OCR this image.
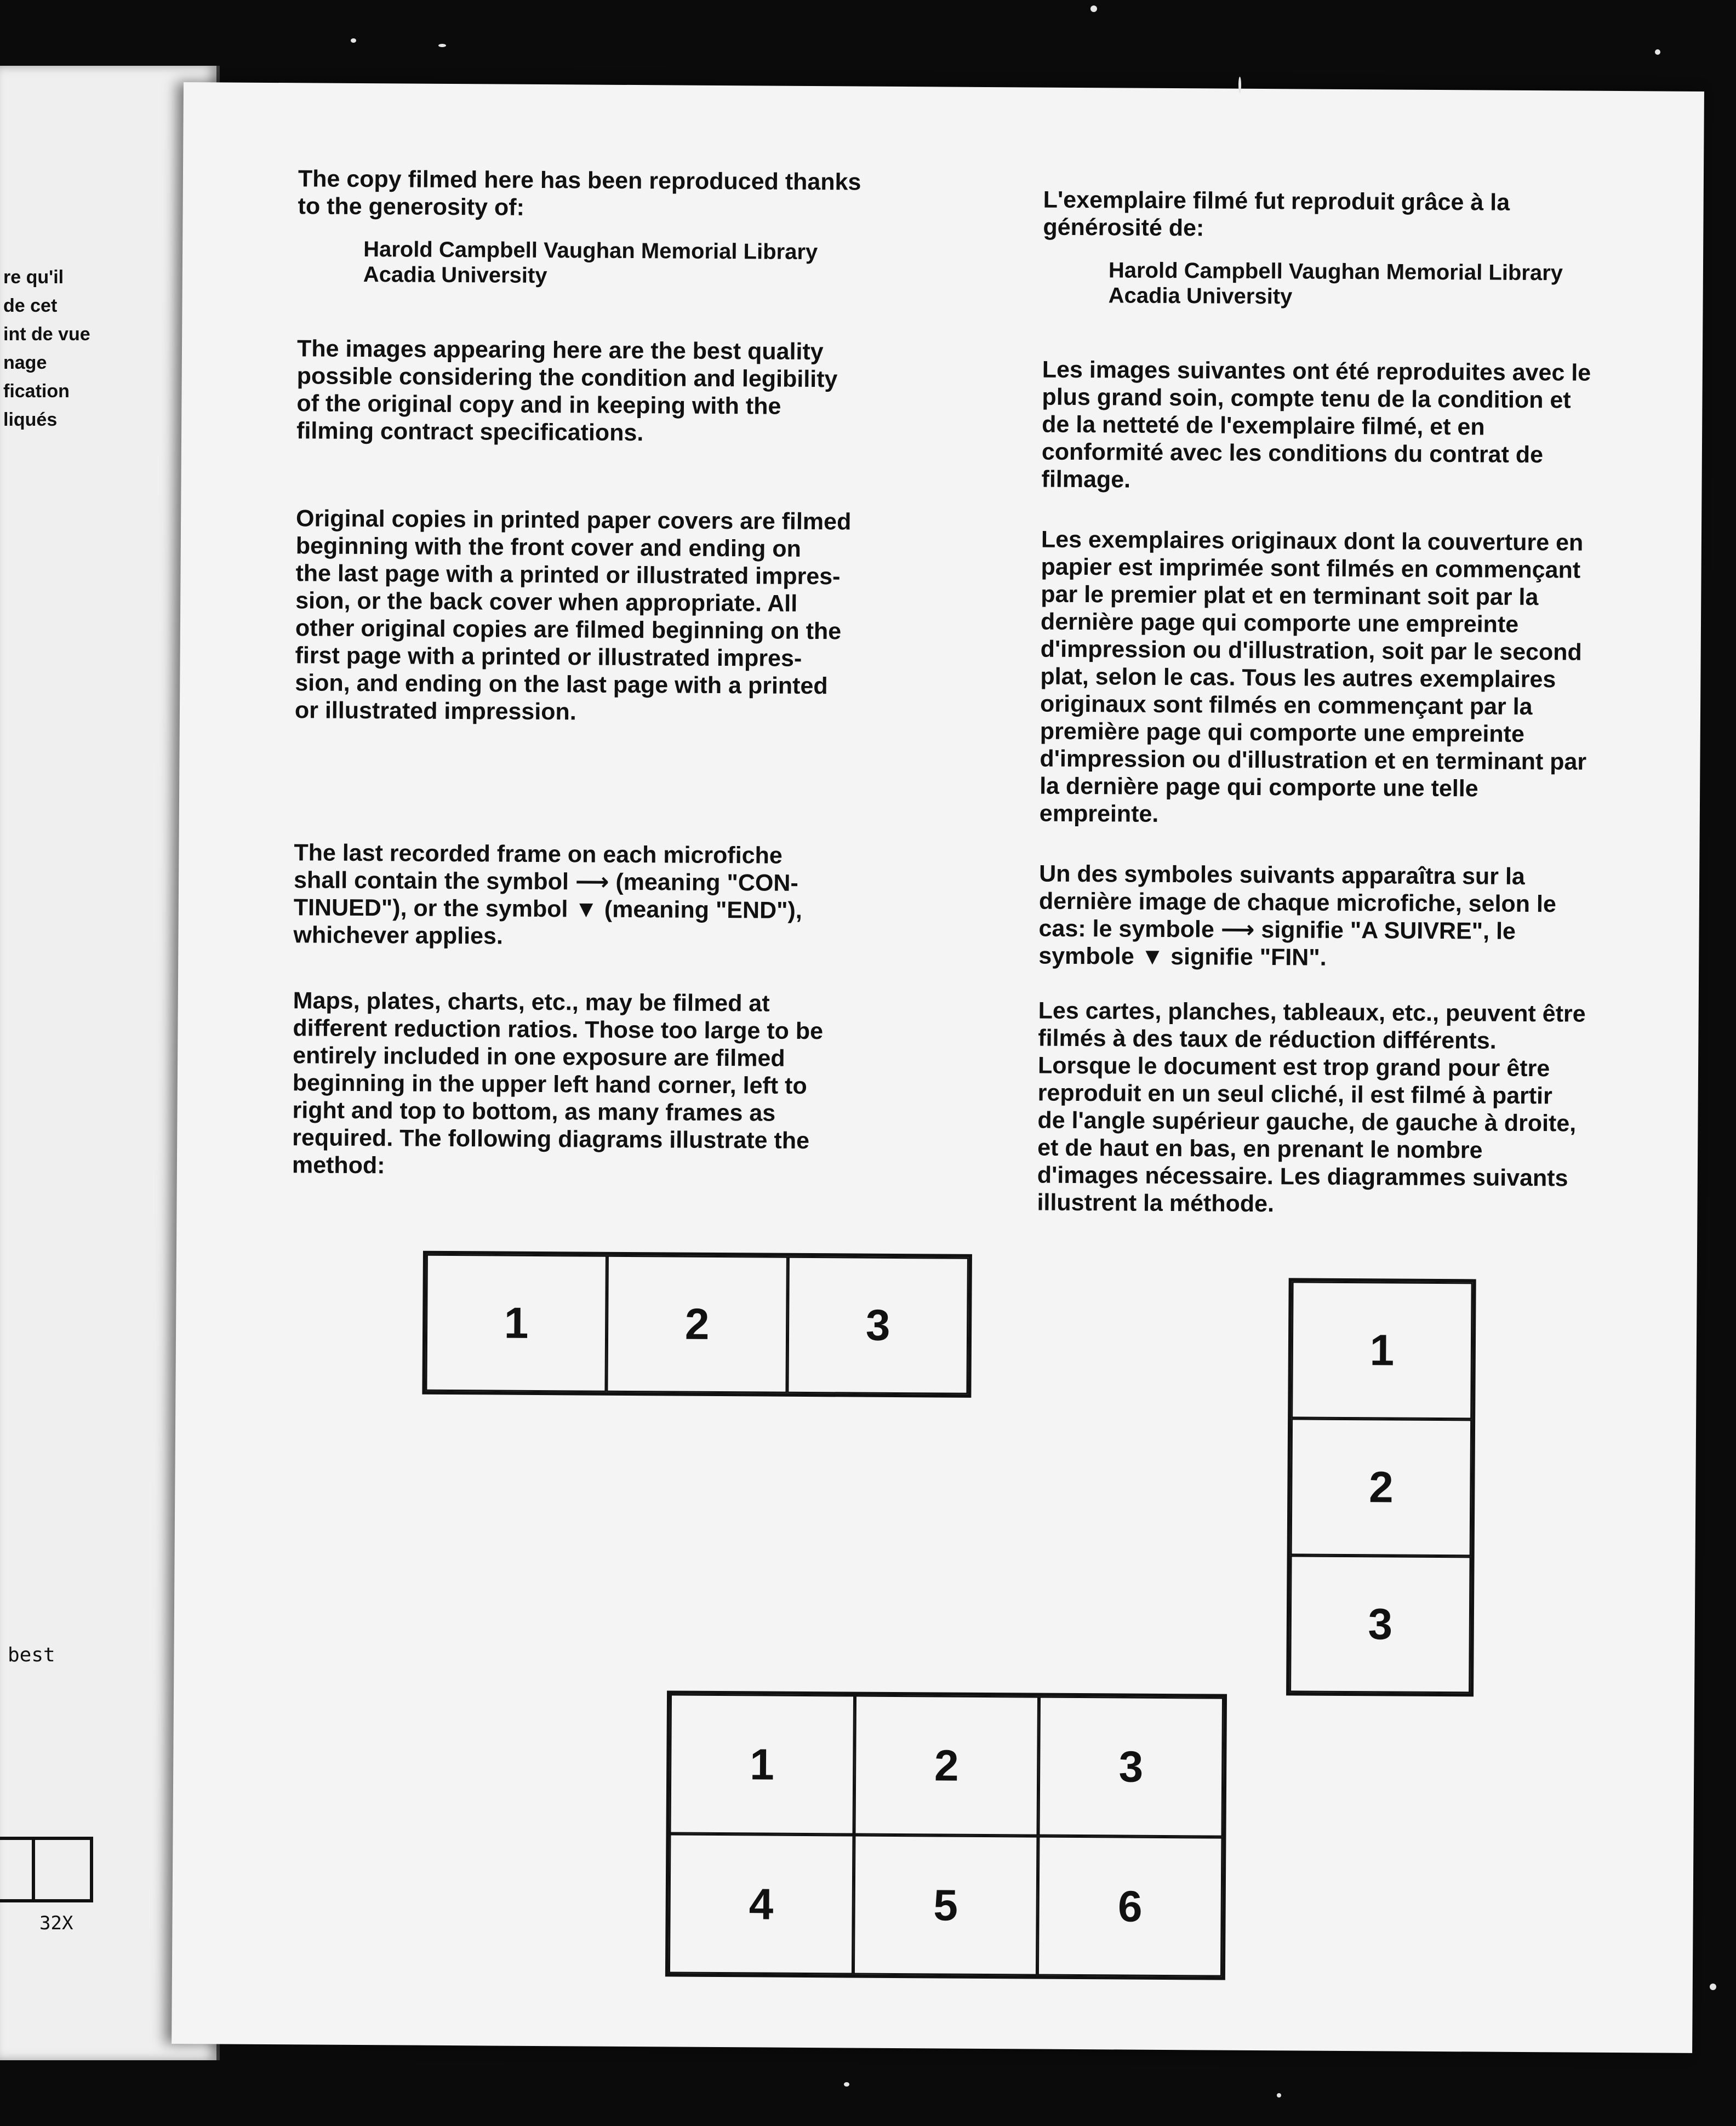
re qu'il
de cet
int de vue
nage
fication
liqués
best
32X
The copy filmed here has been reproduced thanks
to the generosity of:
Harold Campbell Vaughan Memorial Library
Acadia University
The images appearing here are the best quality
possible considering the condition and legibility
of the original copy and in keeping with the
filming contract specifications.
Original copies in printed paper covers are filmed
beginning with the front cover and ending on
the last page with a printed or illustrated impres-
sion, or the back cover when appropriate. All
other original copies are filmed beginning on the
first page with a printed or illustrated impres-
sion, and ending on the last page with a printed
or illustrated impression.
The last recorded frame on each microfiche
shall contain the symbol ⟶ (meaning "CON-
TINUED"), or the symbol ▼ (meaning "END"),
whichever applies.
Maps, plates, charts, etc., may be filmed at
different reduction ratios. Those too large to be
entirely included in one exposure are filmed
beginning in the upper left hand corner, left to
right and top to bottom, as many frames as
required. The following diagrams illustrate the
method:
L'exemplaire filmé fut reproduit grâce à la
générosité de:
Harold Campbell Vaughan Memorial Library
Acadia University
Les images suivantes ont été reproduites avec le
plus grand soin, compte tenu de la condition et
de la netteté de l'exemplaire filmé, et en
conformité avec les conditions du contrat de
filmage.
Les exemplaires originaux dont la couverture en
papier est imprimée sont filmés en commençant
par le premier plat et en terminant soit par la
dernière page qui comporte une empreinte
d'impression ou d'illustration, soit par le second
plat, selon le cas. Tous les autres exemplaires
originaux sont filmés en commençant par la
première page qui comporte une empreinte
d'impression ou d'illustration et en terminant par
la dernière page qui comporte une telle
empreinte.
Un des symboles suivants apparaîtra sur la
dernière image de chaque microfiche, selon le
cas: le symbole ⟶ signifie "A SUIVRE", le
symbole ▼ signifie "FIN".
Les cartes, planches, tableaux, etc., peuvent être
filmés à des taux de réduction différents.
Lorsque le document est trop grand pour être
reproduit en un seul cliché, il est filmé à partir
de l'angle supérieur gauche, de gauche à droite,
et de haut en bas, en prenant le nombre
d'images nécessaire. Les diagrammes suivants
illustrent la méthode.
1	2	3
1
2
3
1	2	3
4	5	6
